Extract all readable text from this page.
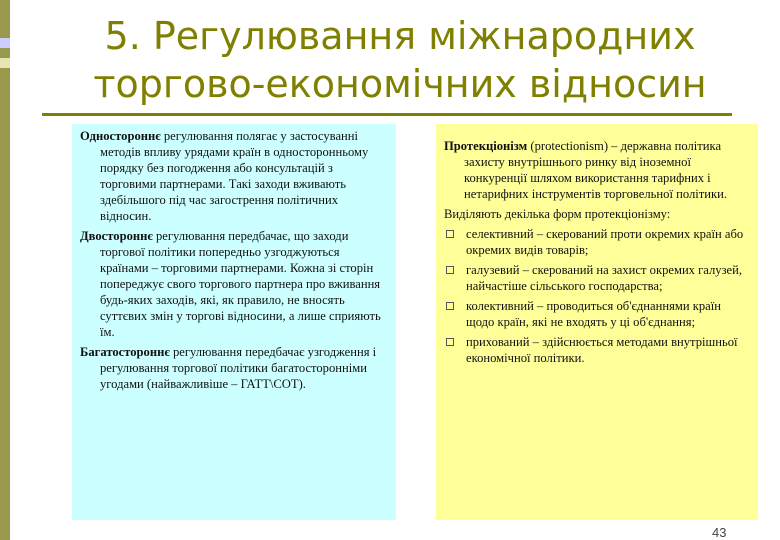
5. Регулювання міжнародних
торгово-економічних відносин

Одностороннє регулювання полягає у застосуванні методів впливу урядами країн в односторонньому порядку без погодження або консультацій з торговими партнерами. Такі заходи вживають здебільшого під час загострення політичних відносин.

Двостороннє регулювання передбачає, що заходи торгової політики попередньо узгоджуються країнами – торговими партнерами. Кожна зі сторін попереджує свого торгового партнера про вживання будь-яких заходів, які, як правило, не вносять суттєвих змін у торгові відносини, а лише сприяють їм.

Багатостороннє регулювання передбачає узгодження і регулювання торгової політики багатосторонніми угодами (найважливіше – ГАТТ\СОТ).

Протекціонізм (protectionism) – державна політика захисту внутрішнього ринку від іноземної конкуренції шляхом використання тарифних і нетарифних інструментів торговельної політики.

Виділяють декілька форм протекціонізму:

селективний – скерований проти окремих країн або окремих видів товарів;
галузевий – скерований на захист окремих галузей, найчастіше сільського господарства;
колективний – проводиться об'єднаннями країн щодо країн, які не входять у ці об'єднання;
прихований – здійснюється методами внутрішньої економічної політики.
43
